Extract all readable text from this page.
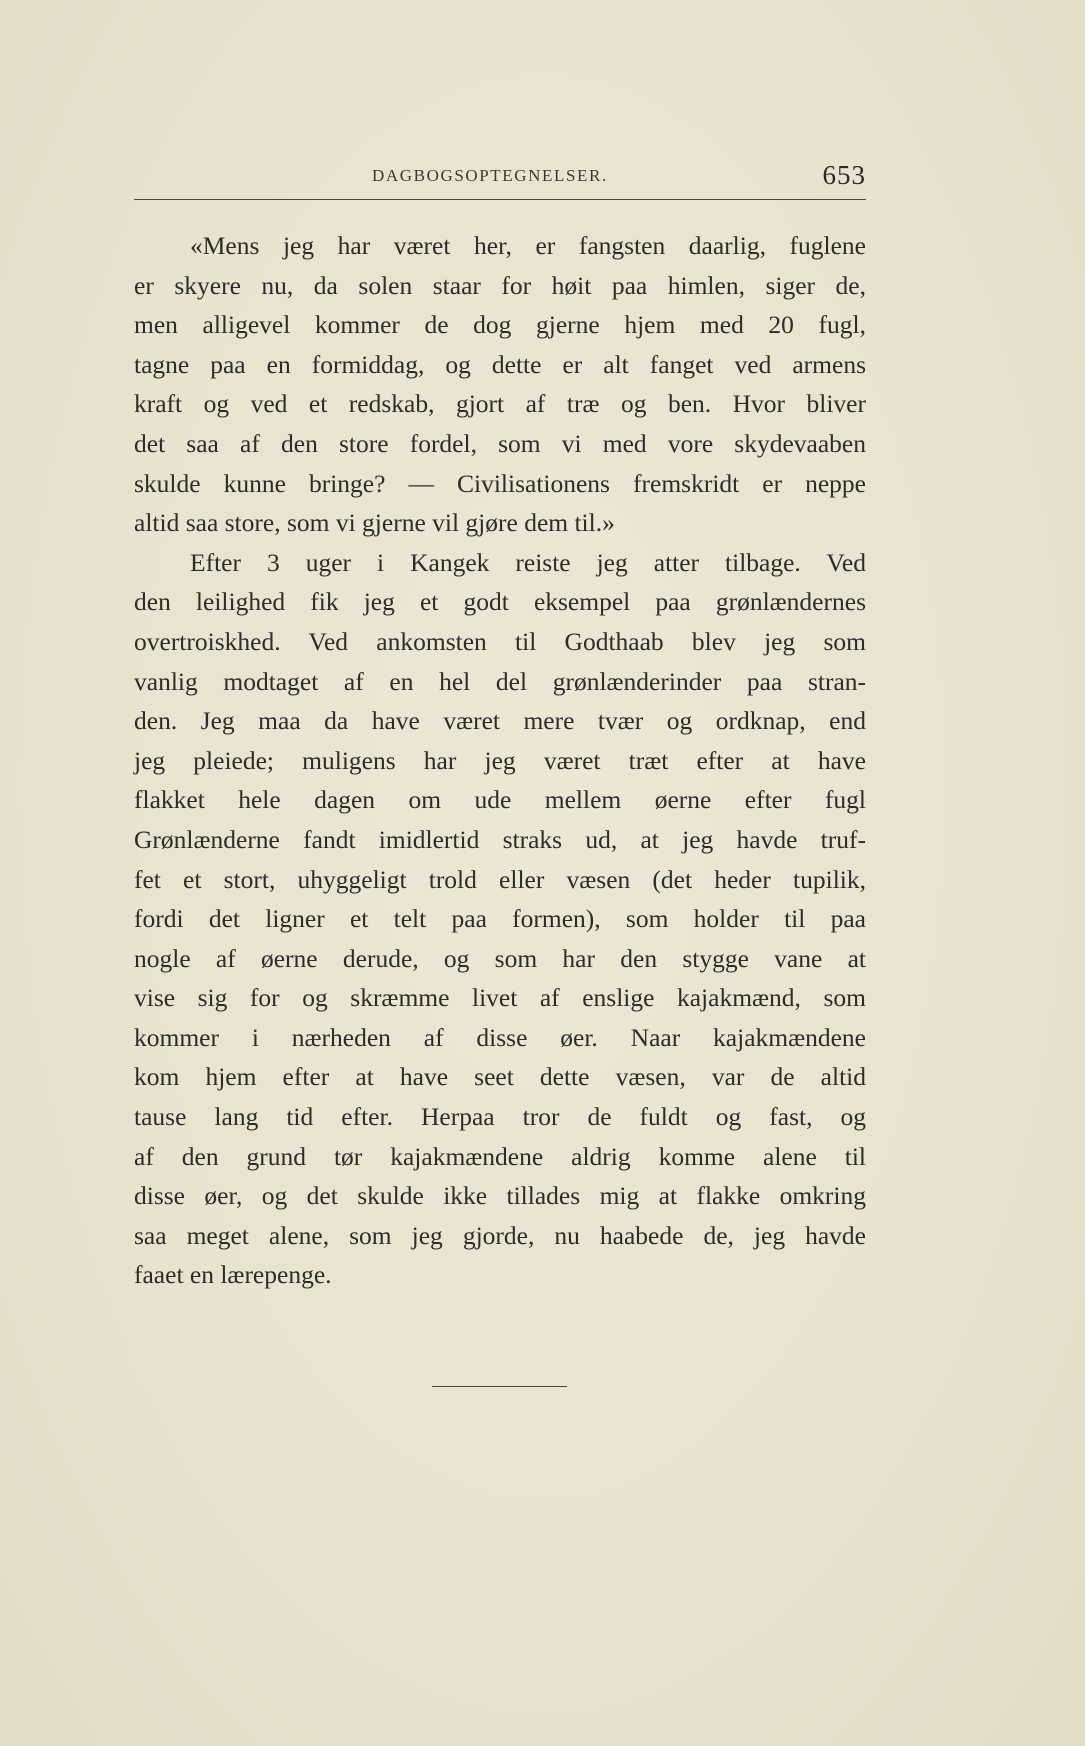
DAGBOGSOPTEGNELSER.	653
«Mens jeg har været her, er fangsten daarlig, fuglene
er skyere nu, da solen staar for høit paa himlen, siger de,
men alligevel kommer de dog gjerne hjem med 20 fugl,
tagne paa en formiddag, og dette er alt fanget ved armens
kraft og ved et redskab, gjort af træ og ben. Hvor bliver
det saa af den store fordel, som vi med vore skydevaaben
skulde kunne bringe? — Civilisationens fremskridt er neppe
altid saa store, som vi gjerne vil gjøre dem til.»
Efter 3 uger i Kangek reiste jeg atter tilbage. Ved
den leilighed fik jeg et godt eksempel paa grønlændernes
overtroiskhed. Ved ankomsten til Godthaab blev jeg som
vanlig modtaget af en hel del grønlænderinder paa stran-
den. Jeg maa da have været mere tvær og ordknap, end
jeg pleiede; muligens har jeg været træt efter at have
flakket hele dagen om ude mellem øerne efter fugl
Grønlænderne fandt imidlertid straks ud, at jeg havde truf-
fet et stort, uhyggeligt trold eller væsen (det heder tupilik,
fordi det ligner et telt paa formen), som holder til paa
nogle af øerne derude, og som har den stygge vane at
vise sig for og skræmme livet af enslige kajakmænd, som
kommer i nærheden af disse øer. Naar kajakmændene
kom hjem efter at have seet dette væsen, var de altid
tause lang tid efter. Herpaa tror de fuldt og fast, og
af den grund tør kajakmændene aldrig komme alene til
disse øer, og det skulde ikke tillades mig at flakke omkring
saa meget alene, som jeg gjorde, nu haabede de, jeg havde
faaet en lærepenge.
